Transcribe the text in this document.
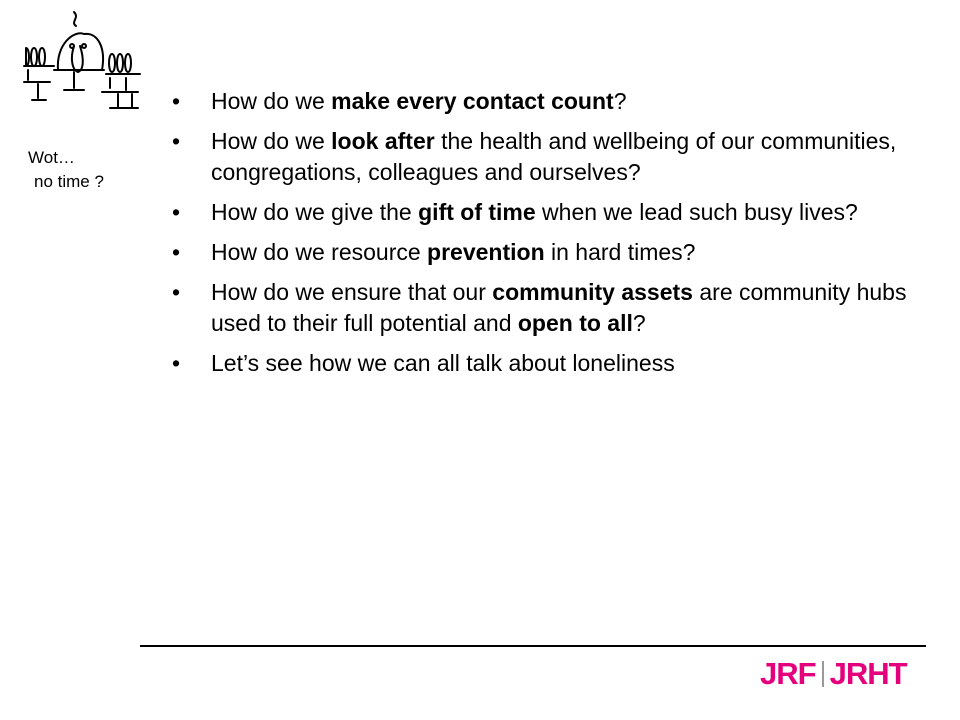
Wot…
no time ?
• How do we make every contact count?
• How do we look after the health and wellbeing of our communities, congregations, colleagues and ourselves?
• How do we give the gift of time when we lead such busy lives?
• How do we resource prevention in hard times?
• How do we ensure that our community assets are community hubs used to their full potential and open to all?
• Let’s see how we can all talk about loneliness
JRF JRHT
